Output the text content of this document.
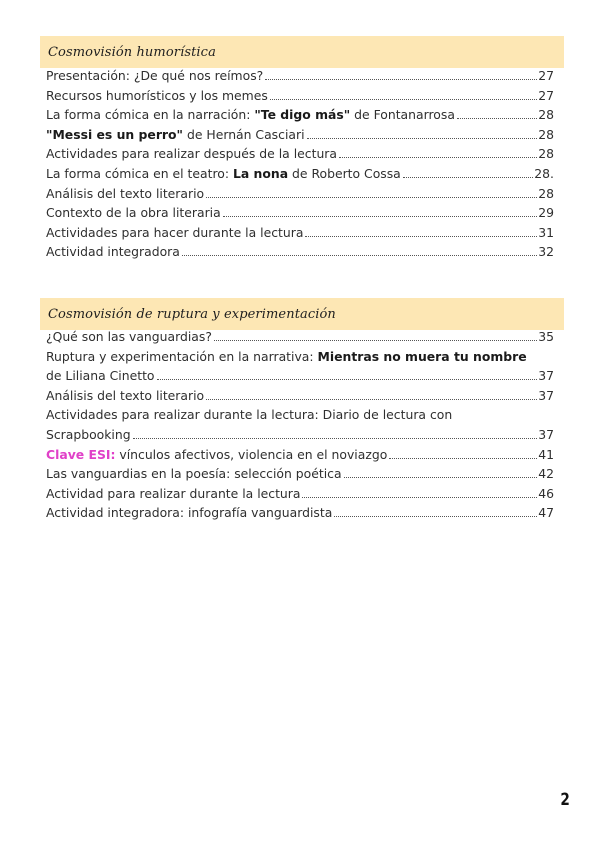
Cosmovisión humorística
Presentación: ¿De qué nos reímos?	27
Recursos humorísticos y los memes	27
La forma cómica en la narración: "Te digo más" de Fontanarrosa	28
"Messi es un perro" de Hernán Casciari	28
Actividades para realizar después de la lectura	28
La forma cómica en el teatro: La nona de Roberto Cossa	28.
Análisis del texto literario	28
Contexto de la obra literaria	29
Actividades para hacer durante la lectura	31
Actividad integradora	32
Cosmovisión de ruptura y experimentación
¿Qué son las vanguardias?	35
Ruptura y experimentación en la narrativa: Mientras no muera tu nombre
de Liliana Cinetto	37
Análisis del texto literario	37
Actividades para realizar durante la lectura: Diario de lectura con
Scrapbooking	37
Clave ESI: vínculos afectivos, violencia en el noviazgo	41
Las vanguardias en la poesía: selección poética	42
Actividad para realizar durante la lectura	46
Actividad integradora: infografía vanguardista	47
2
